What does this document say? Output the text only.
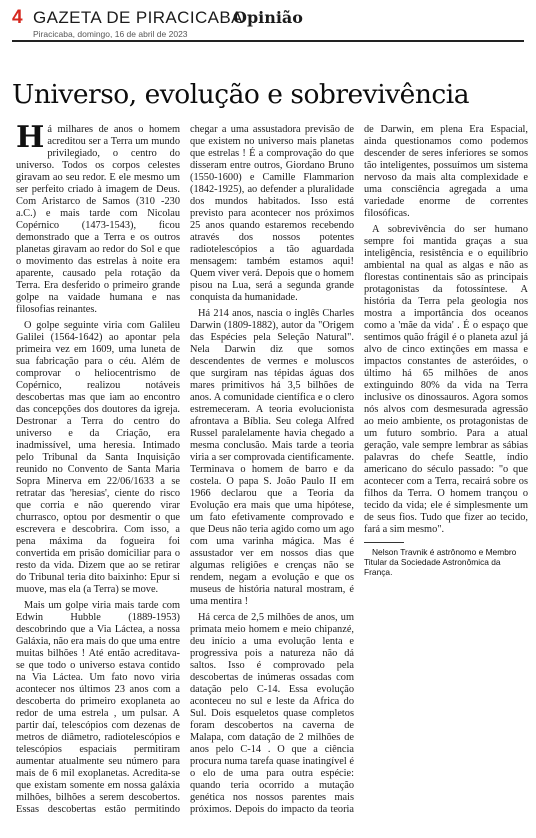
4 GAZETA DE PIRACICABA
Opinião
Piracicaba, domingo, 16 de abril de 2023
Universo, evolução e sobrevivência

Há milhares de anos o homem acreditou ser a Terra um mundo privilegiado, o centro do universo. Todos os corpos celestes giravam ao seu redor. E ele mesmo um ser perfeito criado à imagem de Deus. Com Aristarco de Samos (310 -230 a.C.) e mais tarde com Nicolau Copérnico (1473-1543), ficou demonstrado que a Terra e os outros planetas giravam ao redor do Sol e que o movimento das estrelas à noite era aparente, causado pela rotação da Terra. Era desferido o primeiro grande golpe na vaidade humana e nas filosofias reinantes.

O golpe seguinte viria com Galileu Galilei (1564-1642) ao apontar pela primeira vez em 1609, uma luneta de sua fabricação para o céu. Além de comprovar o heliocentrismo de Copérnico, realizou notáveis descobertas mas que iam ao encontro das concepções dos doutores da igreja. Destronar a Terra do centro do universo e da Criação, era inadmissível, uma heresia. Intimado pelo Tribunal da Santa Inquisição reunido no Convento de Santa Maria Sopra Minerva em 22/06/1633 a se retratar das 'heresias', ciente do risco que corria e não querendo virar churrasco, optou por desmentir o que escrevera e descobrira. Com isso, a pena máxima da fogueira foi convertida em prisão domiciliar para o resto da vida. Dizem que ao se retirar do Tribunal teria dito baixinho: Epur si muove, mas ela (a Terra) se move.

Mais um golpe viria mais tarde com Edwin Hubble (1889-1953) descobrindo que a Via Láctea, a nossa Galáxia, não era mais do que uma entre muitas bilhões ! Até então acreditava-se que todo o universo estava contido na Via Láctea. Um fato novo viria acontecer nos últimos 23 anos com a descoberta do primeiro exoplaneta ao redor de uma estrela , um pulsar. A partir daí, telescópios com dezenas de metros de diâmetro, radiotelescópios e telescópios espaciais permitiram aumentar atualmente seu número para mais de 6 mil exoplanetas. Acredita-se que existam somente em nossa galáxia milhões, bilhões a serem descobertos. Essas descobertas estão permitindo chegar a uma assustadora previsão de que existem no universo mais planetas que estrelas ! É a comprovação do que disseram entre outros, Giordano Bruno (1550-1600) e Camille Flammarion (1842-1925), ao defender a pluralidade dos mundos habitados. Isso está previsto para acontecer nos próximos 25 anos quando estaremos recebendo através dos nossos potentes radiotelescópios a tão aguardada mensagem: também estamos aqui! Quem viver verá. Depois que o homem pisou na Lua, será a segunda grande conquista da humanidade.

Há 214 anos, nascia o inglês Charles Darwin (1809-1882), autor da "Origem das Espécies pela Seleção Natural". Nela Darwin diz que somos descendentes de vermes e moluscos que surgiram nas tépidas águas dos mares primitivos há 3,5 bilhões de anos. A comunidade científica e o clero estremeceram. A teoria evolucionista afrontava a Bíblia. Seu colega Alfred Russel paralelamente havia chegado a mesma conclusão. Mais tarde a teoria viria a ser comprovada cientificamente. Terminava o homem de barro e da costela. O papa S. João Paulo II em 1966 declarou que a Teoria da Evolução era mais que uma hipótese, um fato efetivamente comprovado e que Deus não teria agido como um ago com uma varinha mágica. Mas é assustador ver em nossos dias que algumas religiões e crenças não se rendem, negam a evolução e que os museus de história natural mostram, é uma mentira !

Há cerca de 2,5 milhões de anos, um primata meio homem e meio chipanzé, deu início a uma evolução lenta e progressiva pois a natureza não dá saltos. Isso é comprovado pela descobertas de inúmeras ossadas com datação pelo C-14. Essa evolução aconteceu no sul e leste da Africa do Sul. Dois esqueletos quase completos foram descobertos na caverna de Malapa, com datação de 2 milhões de anos pelo C-14 . O que a ciência procura numa tarefa quase inatingível é o elo de uma para outra espécie: quando teria ocorrido a mutação genética nos nossos parentes mais próximos. Depois do impacto da teoria de Darwin, em plena Era Espacial, ainda questionamos como podemos descender de seres inferiores se somos tão inteligentes, possuímos um sistema nervoso da mais alta complexidade e uma consciência agregada a uma variedade enorme de correntes filosóficas.

A sobrevivência do ser humano sempre foi mantida graças a sua inteligência, resistência e o equilíbrio ambiental na qual as algas e não as florestas continentais são as principais protagonistas da fotossíntese. A história da Terra pela geologia nos mostra a importância dos oceanos como a 'mãe da vida' . É o espaço que sentimos quão frágil é o planeta azul já alvo de cinco extinções em massa e impactos constantes de asteróides, o último há 65 milhões de anos extinguindo 80% da vida na Terra inclusive os dinossauros. Agora somos nós alvos com desmesurada agressão ao meio ambiente, os protagonistas de um futuro sombrio. Para a atual geração, vale sempre lembrar as sábias palavras do chefe Seattle, índio americano do século passado: "o que acontecer com a Terra, recairá sobre os filhos da Terra. O homem trançou o tecido da vida; ele é simplesmente um de seus fios. Tudo que fizer ao tecido, fará a sim mesmo".

Nelson Travnik é astrônomo e Membro Titular da Sociedade Astronômica da França.
